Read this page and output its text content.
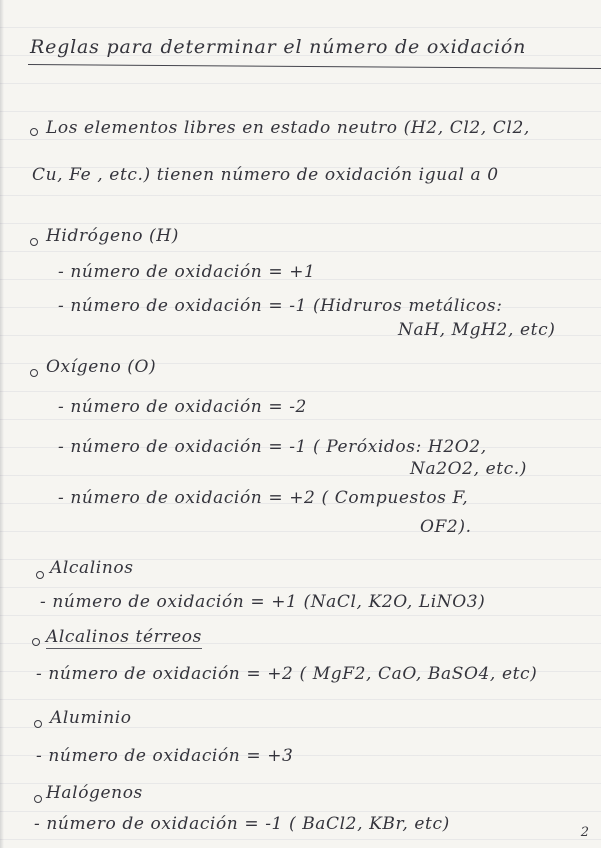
Reglas para determinar el número de oxidación
Los elementos libres en estado neutro (H2, Cl2, Cl2,
Cu, Fe , etc.) tienen número de oxidación igual a 0
Hidrógeno (H)
- número de oxidación = +1
- número de oxidación = -1 (Hidruros metálicos:
NaH, MgH2, etc)
Oxígeno (O)
- número de oxidación = -2
- número de oxidación = -1 ( Peróxidos: H2O2,
Na2O2, etc.)
- número de oxidación = +2 ( Compuestos F,
OF2).
Alcalinos
- número de oxidación = +1 (NaCl, K2O, LiNO3)
Alcalinos térreos
- número de oxidación = +2 ( MgF2, CaO, BaSO4, etc)
Aluminio
- número de oxidación = +3
Halógenos
- número de oxidación = -1 ( BaCl2, KBr, etc)	2
